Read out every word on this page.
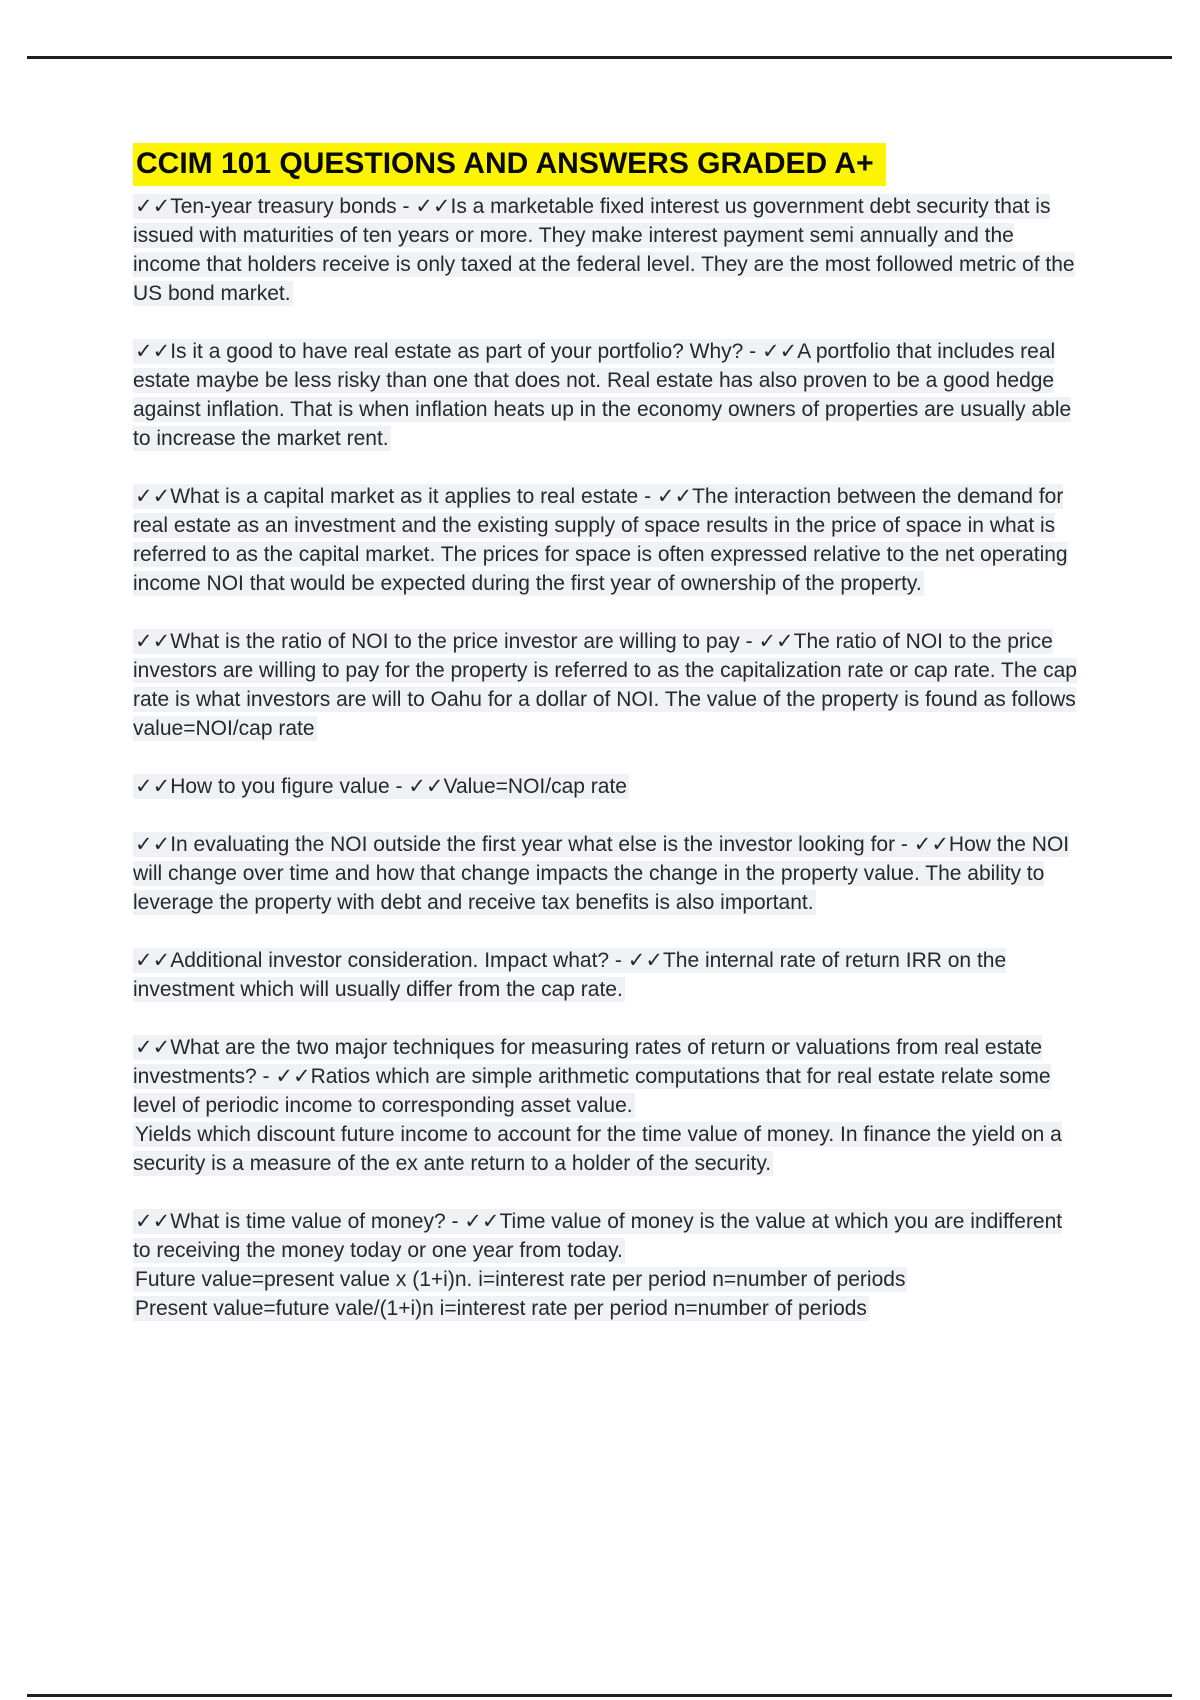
CCIM 101 QUESTIONS AND ANSWERS GRADED A+

✓✓Ten-year treasury bonds - ✓✓Is a marketable fixed interest us government debt security that is issued with maturities of ten years or more. They make interest payment semi annually and the income that holders receive is only taxed at the federal level. They are the most followed metric of the US bond market.

✓✓Is it a good to have real estate as part of your portfolio? Why? - ✓✓A portfolio that includes real estate maybe be less risky than one that does not. Real estate has also proven to be a good hedge against inflation. That is when inflation heats up in the economy owners of properties are usually able to increase the market rent.

✓✓What is a capital market as it applies to real estate - ✓✓The interaction between the demand for real estate as an investment and the existing supply of space results in the price of space in what is referred to as the capital market. The prices for space is often expressed relative to the net operating income NOI that would be expected during the first year of ownership of the property.

✓✓What is the ratio of NOI to the price investor are willing to pay - ✓✓The ratio of NOI to the price investors are willing to pay for the property is referred to as the capitalization rate or cap rate. The cap rate is what investors are will to Oahu for a dollar of NOI. The value of the property is found as follows value=NOI/cap rate

✓✓How to you figure value - ✓✓Value=NOI/cap rate

✓✓In evaluating the NOI outside the first year what else is the investor looking for - ✓✓How the NOI will change over time and how that change impacts the change in the property value. The ability to leverage the property with debt and receive tax benefits is also important.

✓✓Additional investor consideration. Impact what? - ✓✓The internal rate of return IRR on the investment which will usually differ from the cap rate.

✓✓What are the two major techniques for measuring rates of return or valuations from real estate investments? - ✓✓Ratios which are simple arithmetic computations that for real estate relate some level of periodic income to corresponding asset value.
Yields which discount future income to account for the time value of money. In finance the yield on a security is a measure of the ex ante return to a holder of the security.

✓✓What is time value of money? - ✓✓Time value of money is the value at which you are indifferent to receiving the money today or one year from today.
Future value=present value x (1+i)n. i=interest rate per period n=number of periods
Present value=future vale/(1+i)n i=interest rate per period n=number of periods
